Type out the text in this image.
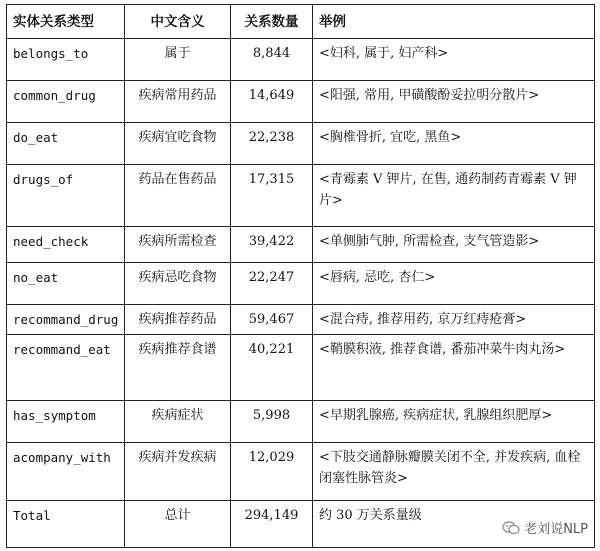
实体关系类型	中文含义	关系数量	举例
belongs_to	属于	8,844	<妇科, 属于, 妇产科>
common_drug	疾病常用药品	14,649	<阳强, 常用, 甲磺酸酚妥拉明分散片>
do_eat	疾病宜吃食物	22,238	<胸椎骨折, 宜吃, 黑鱼>
drugs_of	药品在售药品	17,315	<青霉素 V 钾片, 在售, 通药制药青霉素 V 钾片>
need_check	疾病所需检查	39,422	<单侧肺气肿, 所需检查, 支气管造影>
no_eat	疾病忌吃食物	22,247	<唇病, 忌吃, 杏仁>
recommand_drug	疾病推荐药品	59,467	<混合痔, 推荐用药, 京万红痔疮膏>
recommand_eat	疾病推荐食谱	40,221	<鞘膜积液, 推荐食谱, 番茄冲菜牛肉丸汤>
has_symptom	疾病症状	5,998	<早期乳腺癌, 疾病症状, 乳腺组织肥厚>
acompany_with	疾病并发疾病	12,029	<下肢交通静脉瓣膜关闭不全, 并发疾病, 血栓闭塞性脉管炎>
Total	总计	294,149	约 30 万关系量级
老刘说NLP
